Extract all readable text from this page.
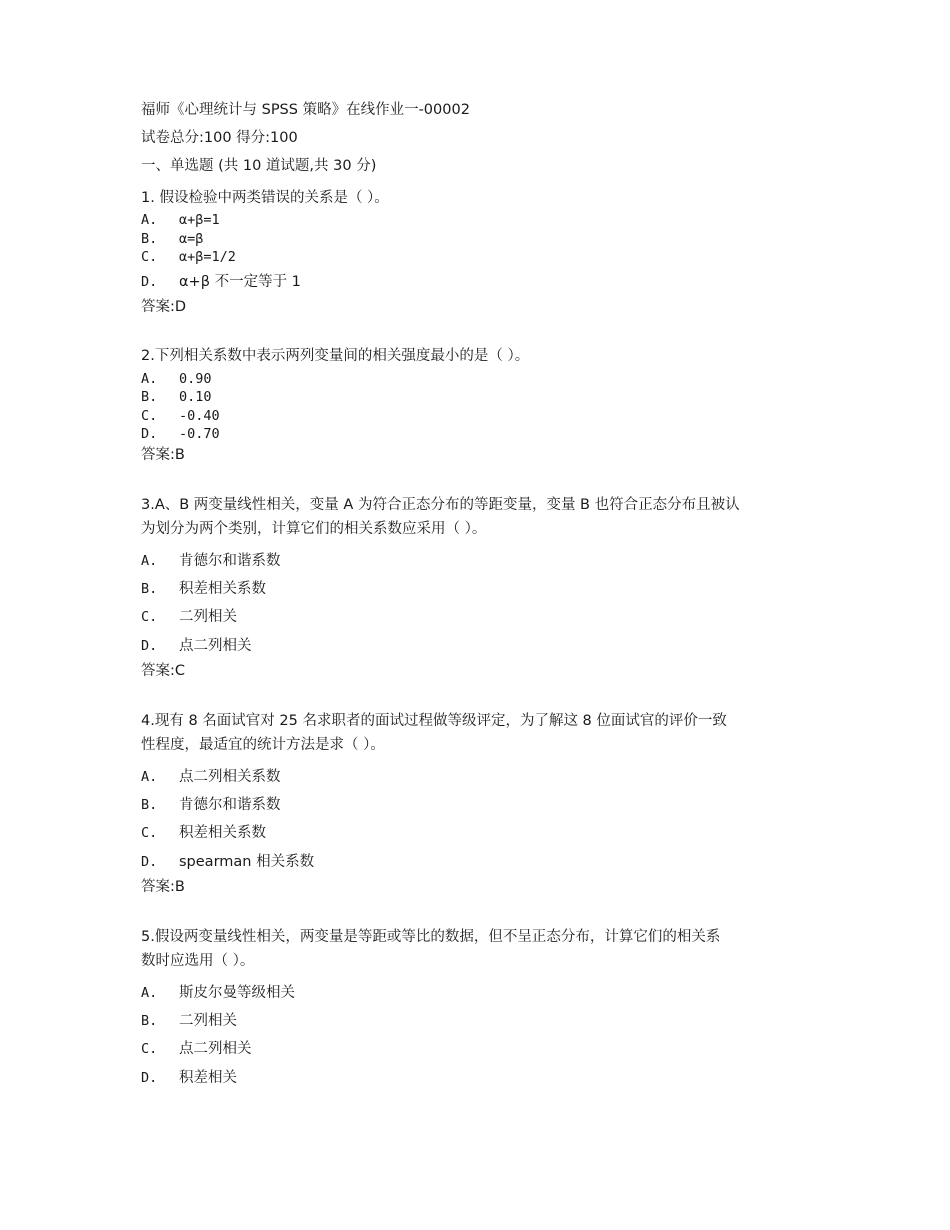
福师《心理统计与 SPSS 策略》在线作业一-00002
试卷总分:100 得分:100
一、单选题 (共 10 道试题,共 30 分)
1. 假设检验中两类错误的关系是（ ）。
A. α+β=1
B. α=β
C. α+β=1/2
D. α+β 不一定等于 1
答案:D
2.下列相关系数中表示两列变量间的相关强度最小的是（ ）。
A. 0.90
B. 0.10
C. -0.40
D. -0.70
答案:B
3.A、B 两变量线性相关，变量 A 为符合正态分布的等距变量，变量 B 也符合正态分布且被认
为划分为两个类别，计算它们的相关系数应采用（ ）。
A. 肯德尔和谐系数
B. 积差相关系数
C. 二列相关
D. 点二列相关
答案:C
4.现有 8 名面试官对 25 名求职者的面试过程做等级评定，为了解这 8 位面试官的评价一致
性程度，最适宜的统计方法是求（ ）。
A. 点二列相关系数
B. 肯德尔和谐系数
C. 积差相关系数
D. spearman 相关系数
答案:B
5.假设两变量线性相关，两变量是等距或等比的数据，但不呈正态分布，计算它们的相关系
数时应选用（ ）。
A. 斯皮尔曼等级相关
B. 二列相关
C. 点二列相关
D. 积差相关
